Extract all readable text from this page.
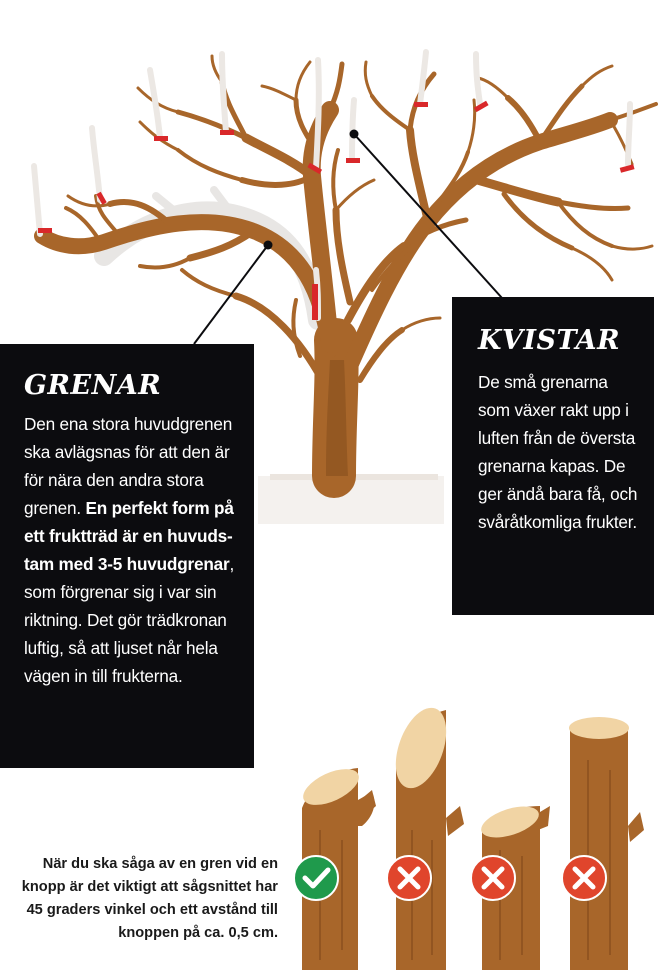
GRENAR
Den ena stora huvudgrenen ska avlägsnas för att den är för nära den andra stora grenen. En perfekt form på ett fruktträd är en huvudstam med 3-5 huvudgrenar, som förgrenar sig i var sin riktning. Det gör trädkronan luftig, så att ljuset når hela vägen in till frukterna.
KVISTAR
De små grenarna som växer rakt upp i luften från de översta grenarna kapas. De ger ändå bara få, och svåråtkomliga frukter.
När du ska såga av en gren vid en knopp är det viktigt att sågsnittet har 45 graders vinkel och ett avstånd till knoppen på ca. 0,5 cm.
